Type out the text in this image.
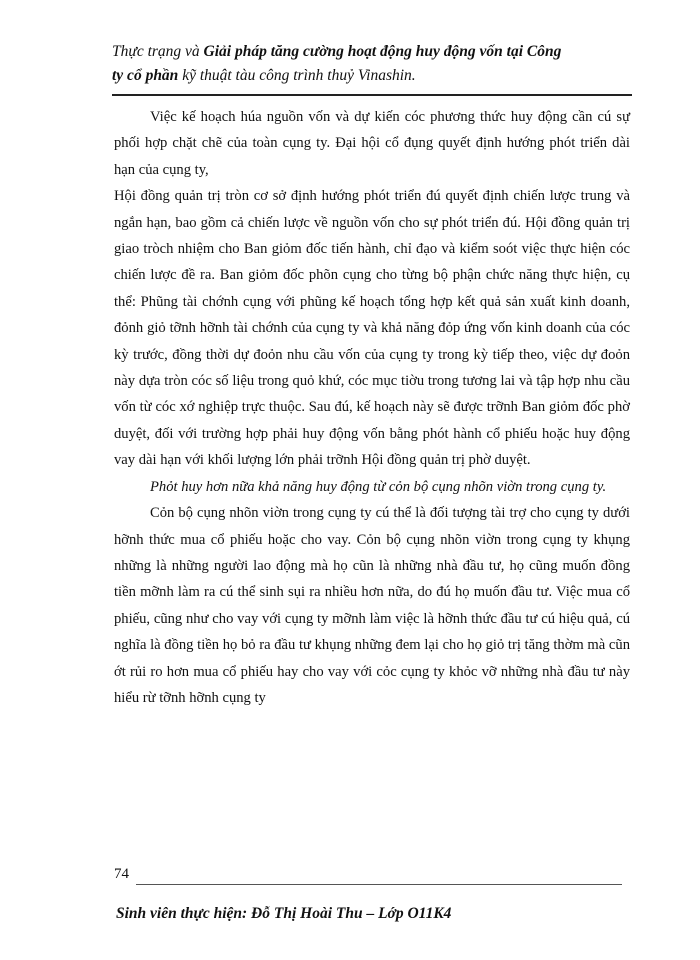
Thực trạng và Giải pháp tăng cường hoạt động huy động vốn tại Công
ty cổ phần kỹ thuật tàu công trình thuỷ Vinashin.

Việc kế hoạch húa nguồn vốn và dự kiến cóc phương thức huy động cần cú sự phối hợp chặt chẽ của toàn cụng ty. Đại hội cổ đụng quyết định hướng phót triển dài hạn của cụng ty,

Hội đồng quản trị tròn cơ sở định hướng phót triển đú quyết định chiến lược trung và ngắn hạn, bao gồm cả chiến lược về nguồn vốn cho sự phót triển đú. Hội đồng quản trị giao tròch nhiệm cho Ban giỏm đốc tiến hành, chỉ đạo và kiểm soót việc thực hiện cóc chiến lược đề ra. Ban giỏm đốc phõn cụng cho từng bộ phận chức năng thực hiện, cụ thể: Phũng tài chớnh cụng với phũng kế hoạch tổng hợp kết quả sản xuất kinh doanh, đỏnh giỏ tỡnh hỡnh tài chớnh của cụng ty và khả năng đỏp ứng vốn kinh doanh của cóc kỳ trước, đồng thời dự đoỏn nhu cầu vốn của cụng ty trong kỳ tiếp theo, việc dự đoỏn này dựa tròn cóc số liệu trong quỏ khứ, cóc mục tiờu trong tương lai và tập hợp nhu cầu vốn từ cóc xớ nghiệp trực thuộc. Sau đú, kế hoạch này sẽ được trỡnh Ban giỏm đốc phờ duyệt, đối với trường hợp phải huy động vốn bằng phót hành cổ phiếu hoặc huy động vay dài hạn với khối lượng lớn phải trỡnh Hội đồng quản trị phờ duyệt.

Phỏt huy hơn nữa khả năng huy động từ cỏn bộ cụng nhõn viờn trong cụng ty.

Cỏn bộ cụng nhõn viờn trong cụng ty cú thể là đối tượng tài trợ cho cụng ty dưới hỡnh thức mua cổ phiếu hoặc cho vay. Cỏn bộ cụng nhõn viờn trong cụng ty khụng những là những người lao động mà họ cũn là những nhà đầu tư, họ cũng muốn đồng tiền mỡnh làm ra cú thể sinh sụi ra nhiều hơn nữa, do đú họ muốn đầu tư. Việc mua cổ phiếu, cũng như cho vay với cụng ty mỡnh làm việc là hỡnh thức đầu tư cú hiệu quả, cú nghĩa là đồng tiền họ bỏ ra đầu tư khụng những đem lại cho họ giỏ trị tăng thờm mà cũn ớt rủi ro hơn mua cổ phiếu hay cho vay với cỏc cụng ty khỏc vỡ những nhà đầu tư này hiểu rừ tỡnh hỡnh cụng ty

74
Sinh viên thực hiện: Đỗ Thị Hoài Thu – Lớp O11K4
